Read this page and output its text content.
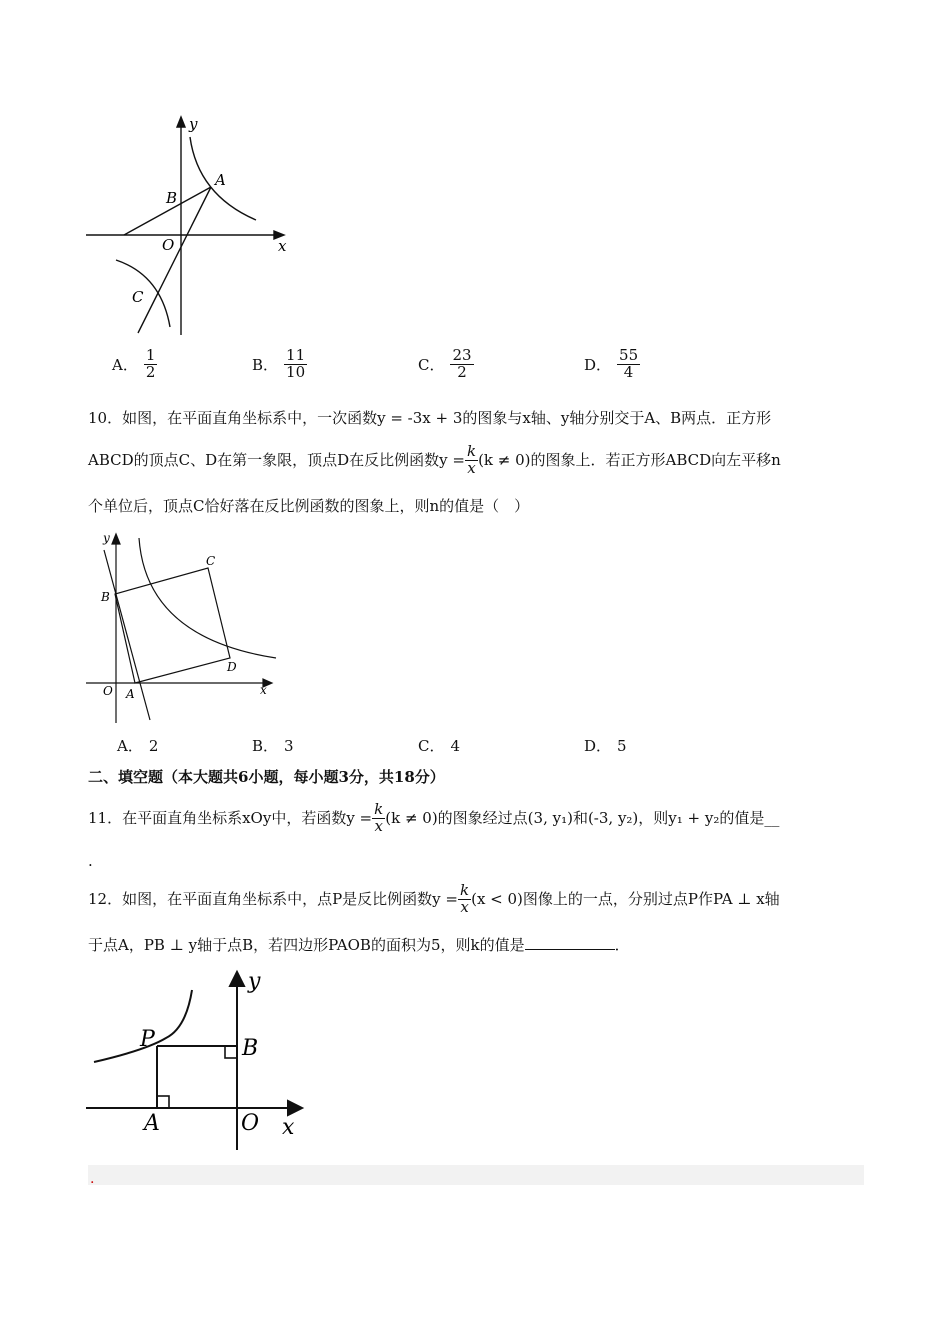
y
x
O
A
B
C
A． $\frac{1}{2}$	B． $\frac{11}{10}$	C． $\frac{23}{2}$	D． $\frac{55}{4}$
10．如图，在平面直角坐标系中，一次函数y = -3x + 3的图象与x轴、y轴分别交于A、B两点．正方形
ABCD的顶点C、D在第一象限，顶点D在反比例函数$y = \frac{k}{x} (k \ne 0)$的图象上．若正方形ABCD向左平移n
个单位后，顶点C恰好落在反比例函数的图象上，则n的值是（　）
y
x
O A
B
C
D
A． 2	B． 3	C． 4	D． 5
二、填空题（本大题共6小题，每小题3分，共18分）
11．在平面直角坐标系xOy中，若函数$y = \frac{k}{x} (k \ne 0)$的图象经过点(3, y₁)和(-3, y₂)，则y₁ + y₂的值是__
.
12．如图，在平面直角坐标系中，点P是反比例函数$y = \frac{k}{x} (x < 0)$图像上的一点，分别过点P作PA ⊥ x轴
于点A，PB ⊥ y轴于点B，若四边形PAOB的面积为5，则k的值是	．
y
x
O
A
B
P
.
